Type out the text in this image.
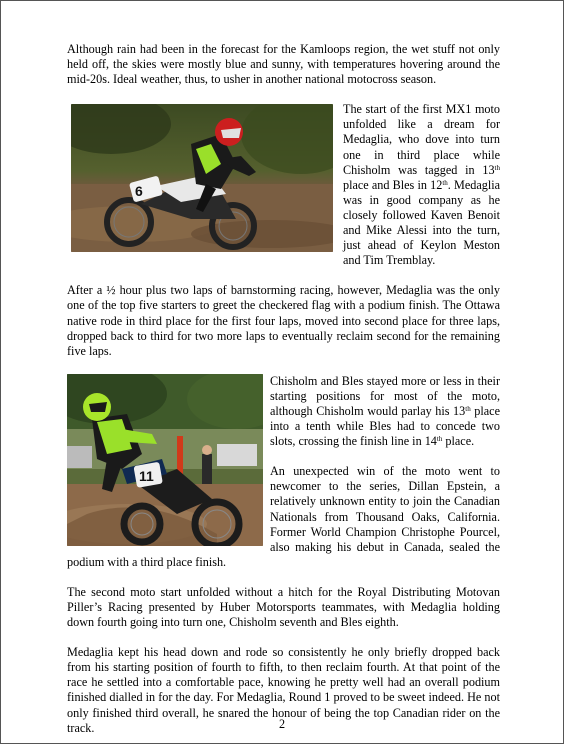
Although rain had been in the forecast for the Kamloops region, the wet stuff not only held off, the skies were mostly blue and sunny, with temperatures hovering around the mid-20s. Ideal weather, thus, to usher in another national motocross season.

6

The start of the first MX1 moto unfolded like a dream for Medaglia, who dove into turn one in third place while Chisholm was tagged in 13th place and Bles in 12th. Medaglia was in good company as he closely followed Kaven Benoit and Mike Alessi into the turn, just ahead of Keylon Meston and Tim Tremblay.

After a ½ hour plus two laps of barnstorming racing, however, Medaglia was the only one of the top five starters to greet the checkered flag with a podium finish. The Ottawa native rode in third place for the first four laps, moved into second place for three laps, dropped back to third for two more laps to eventually reclaim second for the remaining five laps.

11

Chisholm and Bles stayed more or less in their starting positions for most of the moto, although Chisholm would parlay his 13th place into a tenth while Bles had to concede two slots, crossing the finish line in 14th place.

An unexpected win of the moto went to newcomer to the series, Dillan Epstein, a relatively unknown entity to join the Canadian Nationals from Thousand Oaks, California. Former World Champion Christophe Pourcel, also making his debut in Canada, sealed the podium with a third place finish.

The second moto start unfolded without a hitch for the Royal Distributing Motovan Piller’s Racing presented by Huber Motorsports teammates, with Medaglia holding down fourth going into turn one, Chisholm seventh and Bles eighth.

Medaglia kept his head down and rode so consistently he only briefly dropped back from his starting position of fourth to fifth, to then reclaim fourth. At that point of the race he settled into a comfortable pace, knowing he pretty well had an overall podium finished dialled in for the day. For Medaglia, Round 1 proved to be sweet indeed. He not only finished third overall, he snared the honour of being the top Canadian rider on the track.	2
